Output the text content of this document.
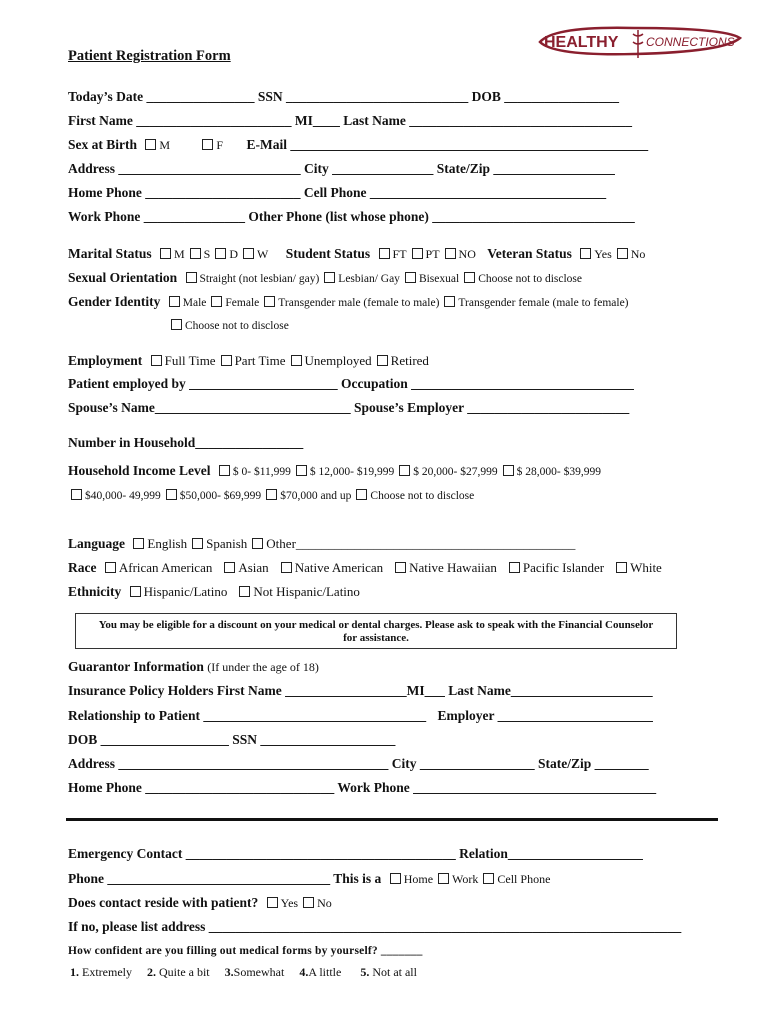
HEALTHY CONNECTIONS
Patient Registration Form
Today’s Date ________________ SSN ___________________________ DOB _________________
First Name _______________________ MI____ Last Name _________________________________
Sex at Birth M	F E-Mail _____________________________________________________
Address ___________________________ City _______________ State/Zip __________________
Home Phone _______________________ Cell Phone ___________________________________
Work Phone _______________ Other Phone (list whose phone) ______________________________
Marital Status M S D W Student Status FT PT NO Veteran Status Yes No
Sexual Orientation Straight (not lesbian/ gay) Lesbian/ Gay Bisexual Choose not to disclose
Gender Identity Male Female Transgender male (female to male) Transgender female (male to female)
Choose not to disclose
Employment Full Time Part Time Unemployed Retired
Patient employed by ______________________ Occupation _________________________________
Spouse’s Name_____________________________ Spouse’s Employer ________________________
Number in Household________________
Household Income Level $ 0- $11,999 $ 12,000- $19,999 $ 20,000- $27,999 $ 28,000- $39,999
$40,000- 49,999 $50,000- $69,999 $70,000 and up Choose not to disclose
Language English Spanish Other___________________________________________
Race African American Asian Native American Native Hawaiian Pacific Islander White
Ethnicity Hispanic/Latino Not Hispanic/Latino
You may be eligible for a discount on your medical or dental charges. Please ask to speak with the Financial Counselor
for assistance.
Guarantor Information (If under the age of 18)
Insurance Policy Holders First Name __________________MI___ Last Name_____________________
Relationship to Patient _________________________________ Employer _______________________
DOB ___________________ SSN ____________________
Address ________________________________________ City _________________ State/Zip ________
Home Phone ____________________________ Work Phone ____________________________________
Emergency Contact ________________________________________ Relation____________________
Phone _________________________________ This is a Home Work Cell Phone
Does contact reside with patient? Yes No
If no, please list address ______________________________________________________________________
How confident are you filling out medical forms by yourself? _______
1. Extremely 2. Quite a bit 3.Somewhat 4.A little 5. Not at all
